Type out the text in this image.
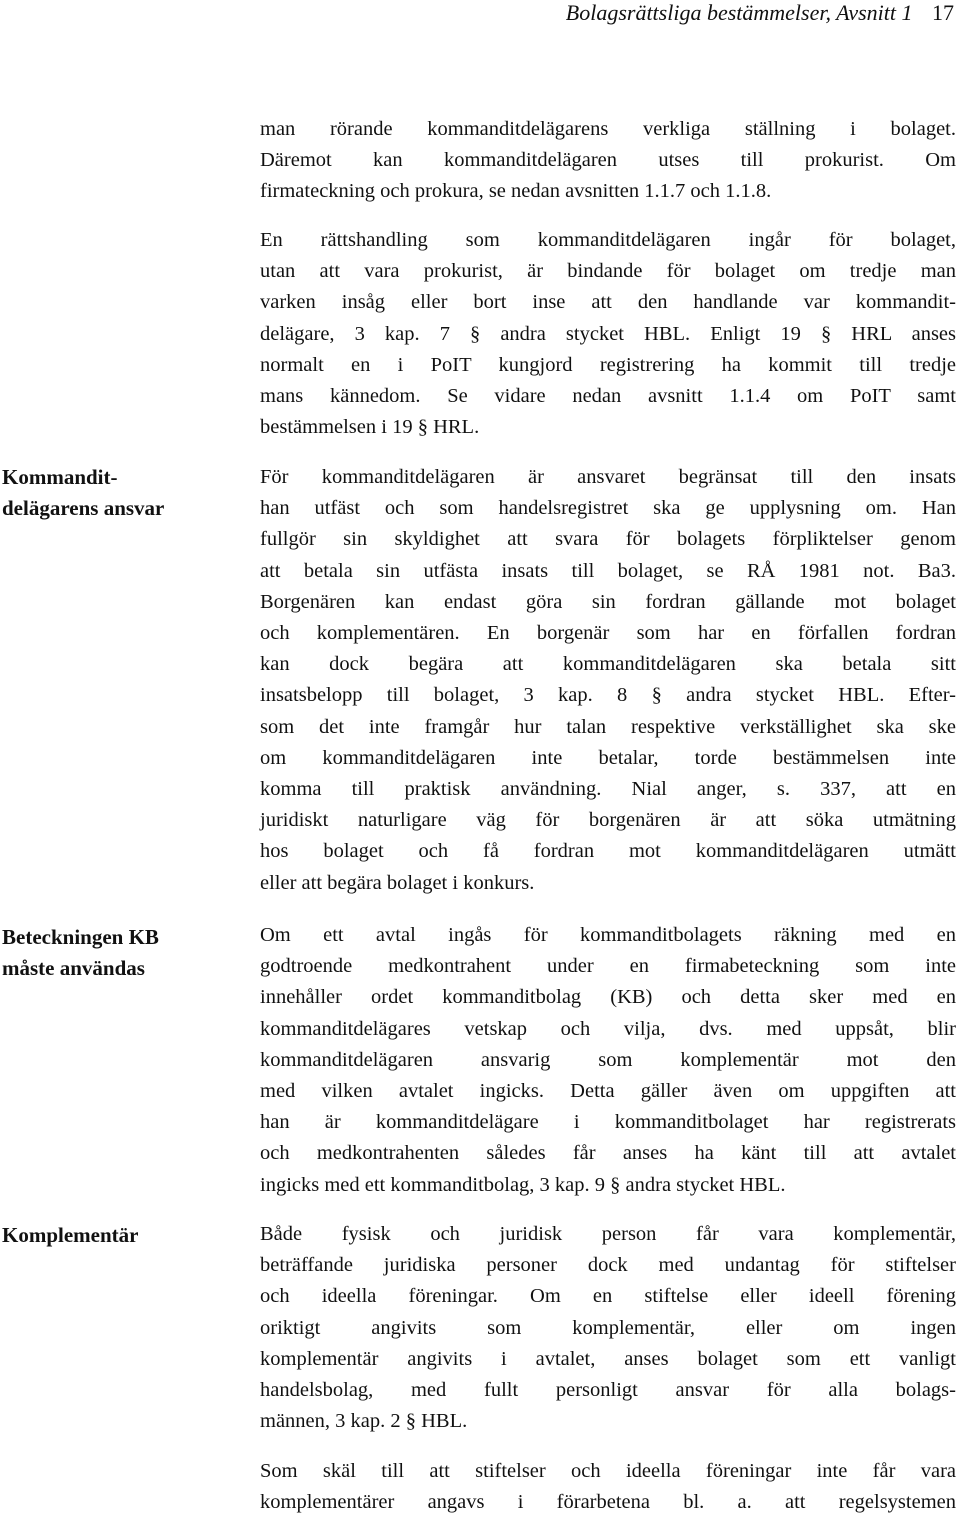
Bolagsrättsliga bestämmelser, Avsnitt 1 17
Kommandit-
delägarens ansvar
Beteckningen KB
måste användas
Komplementär
man rörande kommanditdelägarens verkliga ställning i bolaget.
Däremot kan kommanditdelägaren utses till prokurist. Om
firmateckning och prokura, se nedan avsnitten 1.1.7 och 1.1.8.
En rättshandling som kommanditdelägaren ingår för bolaget,
utan att vara prokurist, är bindande för bolaget om tredje man
varken insåg eller bort inse att den handlande var kommandit-
delägare, 3 kap. 7 § andra stycket HBL. Enligt 19 § HRL anses
normalt en i PoIT kungjord registrering ha kommit till tredje
mans kännedom. Se vidare nedan avsnitt 1.1.4 om PoIT samt
bestämmelsen i 19 § HRL.
För kommanditdelägaren är ansvaret begränsat till den insats
han utfäst och som handelsregistret ska ge upplysning om. Han
fullgör sin skyldighet att svara för bolagets förpliktelser genom
att betala sin utfästa insats till bolaget, se RÅ 1981 not. Ba3.
Borgenären kan endast göra sin fordran gällande mot bolaget
och komplementären. En borgenär som har en förfallen fordran
kan dock begära att kommanditdelägaren ska betala sitt
insatsbelopp till bolaget, 3 kap. 8 § andra stycket HBL. Efter-
som det inte framgår hur talan respektive verkställighet ska ske
om kommanditdelägaren inte betalar, torde bestämmelsen inte
komma till praktisk användning. Nial anger, s. 337, att en
juridiskt naturligare väg för borgenären är att söka utmätning
hos bolaget och få fordran mot kommanditdelägaren utmätt
eller att begära bolaget i konkurs.
Om ett avtal ingås för kommanditbolagets räkning med en
godtroende medkontrahent under en firmabeteckning som inte
innehåller ordet kommanditbolag (KB) och detta sker med en
kommanditdelägares vetskap och vilja, dvs. med uppsåt, blir
kommanditdelägaren ansvarig som komplementär mot den
med vilken avtalet ingicks. Detta gäller även om uppgiften att
han är kommanditdelägare i kommanditbolaget har registrerats
och medkontrahenten således får anses ha känt till att avtalet
ingicks med ett kommanditbolag, 3 kap. 9 § andra stycket HBL.
Både fysisk och juridisk person får vara komplementär,
beträffande juridiska personer dock med undantag för stiftelser
och ideella föreningar. Om en stiftelse eller ideell förening
oriktigt angivits som komplementär, eller om ingen
komplementär angivits i avtalet, anses bolaget som ett vanligt
handelsbolag, med fullt personligt ansvar för alla bolags-
männen, 3 kap. 2 § HBL.
Som skäl till att stiftelser och ideella föreningar inte får vara
komplementärer angavs i förarbetena bl. a. att regelsystemen
